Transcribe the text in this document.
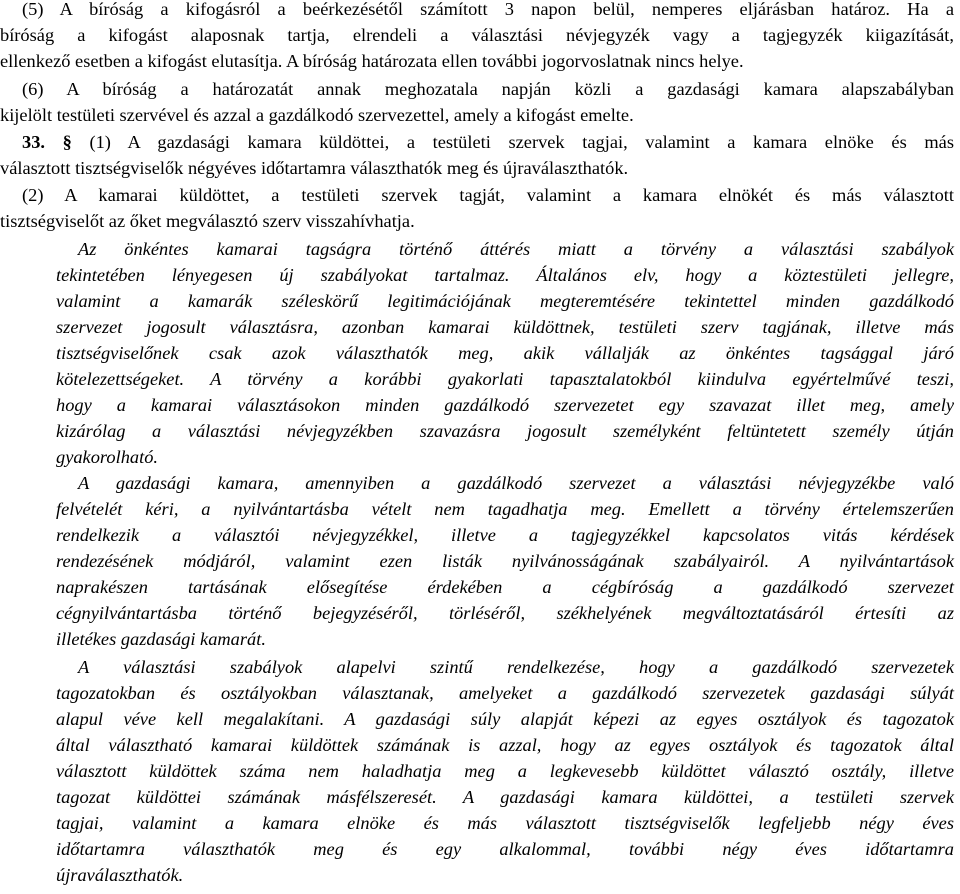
(5) A bíróság a kifogásról a beérkezésétől számított 3 napon belül, nemperes eljárásban határoz. Ha a
bíróság a kifogást alaposnak tartja, elrendeli a választási névjegyzék vagy a tagjegyzék kiigazítását,
ellenkező esetben a kifogást elutasítja. A bíróság határozata ellen további jogorvoslatnak nincs helye.
(6) A bíróság a határozatát annak meghozatala napján közli a gazdasági kamara alapszabályban
kijelölt testületi szervével és azzal a gazdálkodó szervezettel, amely a kifogást emelte.
33. § (1) A gazdasági kamara küldöttei, a testületi szervek tagjai, valamint a kamara elnöke és más
választott tisztségviselők négyéves időtartamra választhatók meg és újraválaszthatók.
(2) A kamarai küldöttet, a testületi szervek tagját, valamint a kamara elnökét és más választott
tisztségviselőt az őket megválasztó szerv visszahívhatja.
Az önkéntes kamarai tagságra történő áttérés miatt a törvény a választási szabályok
tekintetében lényegesen új szabályokat tartalmaz. Általános elv, hogy a köztestületi jellegre,
valamint a kamarák széleskörű legitimációjának megteremtésére tekintettel minden gazdálkodó
szervezet jogosult választásra, azonban kamarai küldöttnek, testületi szerv tagjának, illetve más
tisztségviselőnek csak azok választhatók meg, akik vállalják az önkéntes tagsággal járó
kötelezettségeket. A törvény a korábbi gyakorlati tapasztalatokból kiindulva egyértelművé teszi,
hogy a kamarai választásokon minden gazdálkodó szervezetet egy szavazat illet meg, amely
kizárólag a választási névjegyzékben szavazásra jogosult személyként feltüntetett személy útján
gyakorolható.
A gazdasági kamara, amennyiben a gazdálkodó szervezet a választási névjegyzékbe való
felvételét kéri, a nyilvántartásba vételt nem tagadhatja meg. Emellett a törvény értelemszerűen
rendelkezik a választói névjegyzékkel, illetve a tagjegyzékkel kapcsolatos vitás kérdések
rendezésének módjáról, valamint ezen listák nyilvánosságának szabályairól. A nyilvántartások
naprakészen tartásának elősegítése érdekében a cégbíróság a gazdálkodó szervezet
cégnyilvántartásba történő bejegyzéséről, törléséről, székhelyének megváltoztatásáról értesíti az
illetékes gazdasági kamarát.
A választási szabályok alapelvi szintű rendelkezése, hogy a gazdálkodó szervezetek
tagozatokban és osztályokban választanak, amelyeket a gazdálkodó szervezetek gazdasági súlyát
alapul véve kell megalakítani. A gazdasági súly alapját képezi az egyes osztályok és tagozatok
által választható kamarai küldöttek számának is azzal, hogy az egyes osztályok és tagozatok által
választott küldöttek száma nem haladhatja meg a legkevesebb küldöttet választó osztály, illetve
tagozat küldöttei számának másfélszeresét. A gazdasági kamara küldöttei, a testületi szervek
tagjai, valamint a kamara elnöke és más választott tisztségviselők legfeljebb négy éves
időtartamra választhatók meg és egy alkalommal, további négy éves időtartamra
újraválaszthatók.
